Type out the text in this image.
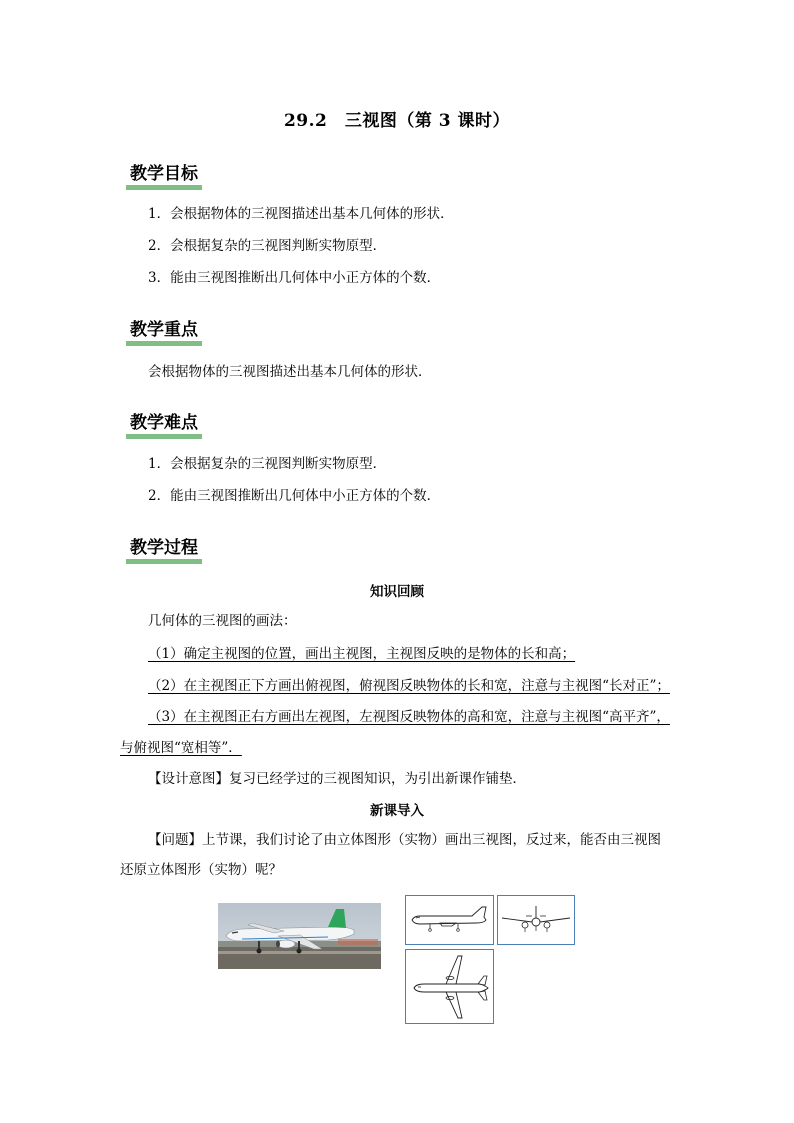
29.2　三视图（第 3 课时）
教学目标
1．会根据物体的三视图描述出基本几何体的形状．
2．会根据复杂的三视图判断实物原型．
3．能由三视图推断出几何体中小正方体的个数．
教学重点
会根据物体的三视图描述出基本几何体的形状．
教学难点
1．会根据复杂的三视图判断实物原型．
2．能由三视图推断出几何体中小正方体的个数．
教学过程
知识回顾
几何体的三视图的画法：
（1）确定主视图的位置，画出主视图，主视图反映的是物体的长和高；
（2）在主视图正下方画出俯视图，俯视图反映物体的长和宽，注意与主视图“长对正”；
（3）在主视图正右方画出左视图，左视图反映物体的高和宽，注意与主视图“高平齐”，
与俯视图“宽相等”．
【设计意图】复习已经学过的三视图知识，为引出新课作铺垫．
新课导入
【问题】上节课，我们讨论了由立体图形（实物）画出三视图，反过来，能否由三视图
还原立体图形（实物）呢？
